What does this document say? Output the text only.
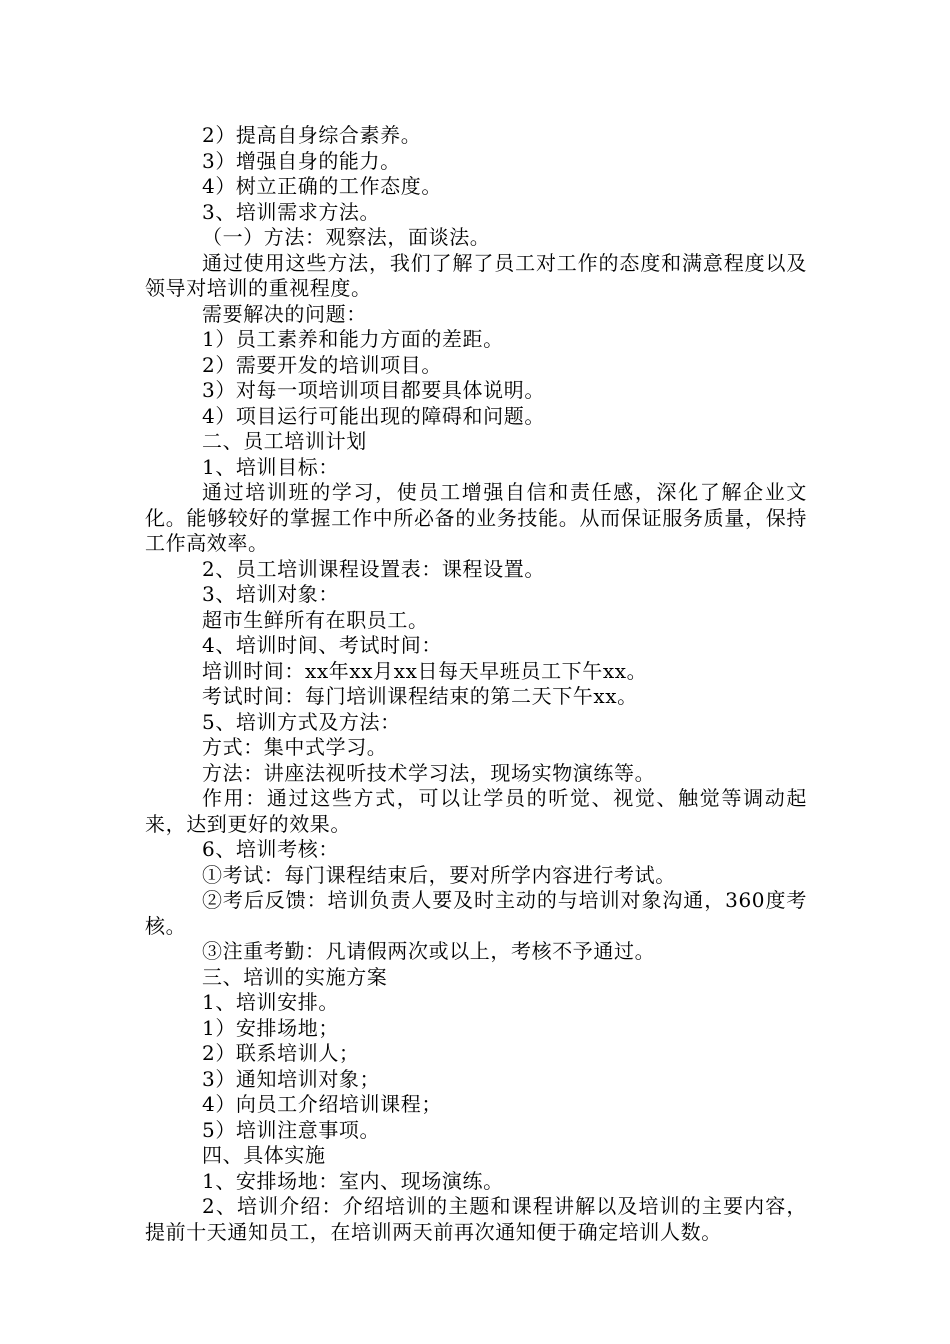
2）提高自身综合素养。

3）增强自身的能力。

4）树立正确的工作态度。

3、培训需求方法。

（一）方法：观察法，面谈法。

通过使用这些方法，我们了解了员工对工作的态度和满意程度以及领导对培训的重视程度。

需要解决的问题：

1）员工素养和能力方面的差距。

2）需要开发的培训项目。

3）对每一项培训项目都要具体说明。

4）项目运行可能出现的障碍和问题。

二、员工培训计划

1、培训目标：

通过培训班的学习，使员工增强自信和责任感，深化了解企业文化。能够较好的掌握工作中所必备的业务技能。从而保证服务质量，保持工作高效率。

2、员工培训课程设置表：课程设置。

3、培训对象：

超市生鲜所有在职员工。

4、培训时间、考试时间：

培训时间：xx年xx月xx日每天早班员工下午xx。

考试时间：每门培训课程结束的第二天下午xx。

5、培训方式及方法：

方式：集中式学习。

方法：讲座法视听技术学习法，现场实物演练等。

作用：通过这些方式，可以让学员的听觉、视觉、触觉等调动起来，达到更好的效果。

6、培训考核：

①考试：每门课程结束后，要对所学内容进行考试。

②考后反馈：培训负责人要及时主动的与培训对象沟通，360度考核。

③注重考勤：凡请假两次或以上，考核不予通过。

三、培训的实施方案

1、培训安排。

1）安排场地；

2）联系培训人；

3）通知培训对象；

4）向员工介绍培训课程；

5）培训注意事项。

四、具体实施

1、安排场地：室内、现场演练。

2、培训介绍：介绍培训的主题和课程讲解以及培训的主要内容，提前十天通知员工，在培训两天前再次通知便于确定培训人数。
